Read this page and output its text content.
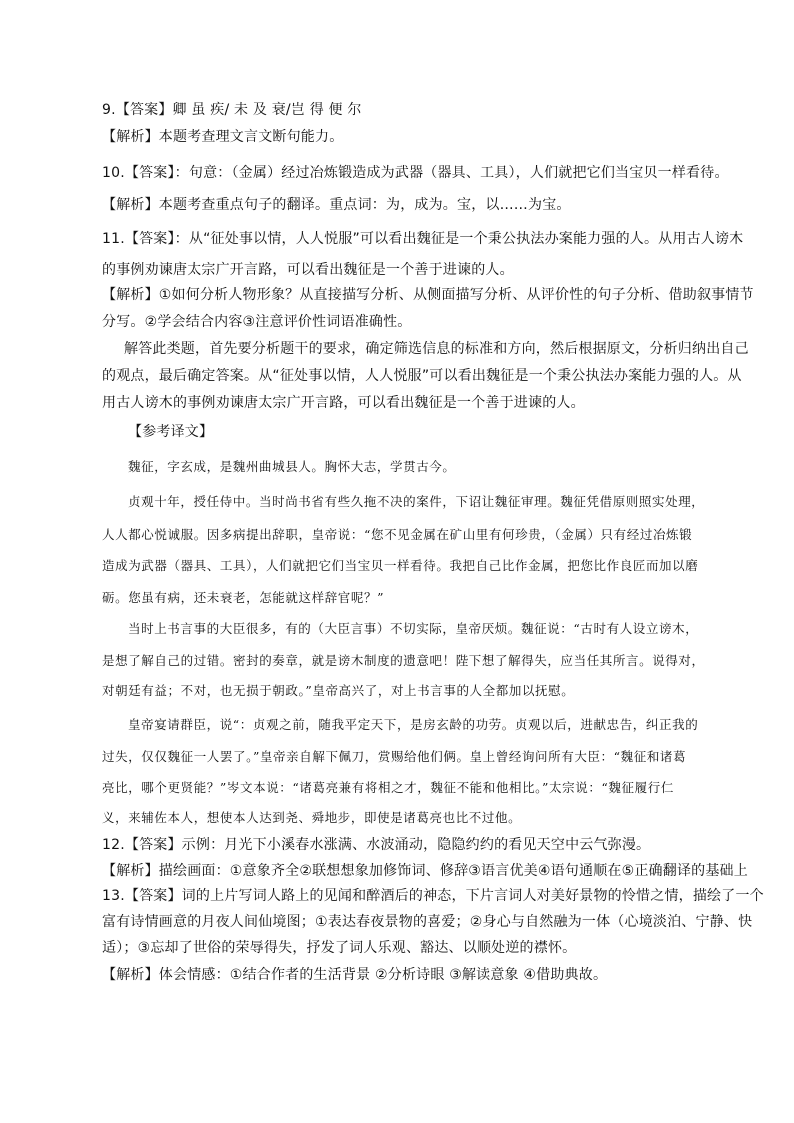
9.【答案】卿 虽 疾/ 未 及 衰/岂 得 便 尔
【解析】本题考查理文言文断句能力。
10.【答案】：句意：（金属）经过冶炼锻造成为武器（器具、工具），人们就把它们当宝贝一样看待。
【解析】本题考查重点句子的翻译。重点词：为，成为。宝，以……为宝。
11.【答案】：从“征处事以情，人人悦服”可以看出魏征是一个秉公执法办案能力强的人。从用古人谤木
的事例劝谏唐太宗广开言路，可以看出魏征是一个善于进谏的人。
【解析】①如何分析人物形象？从直接描写分析、从侧面描写分析、从评价性的句子分析、借助叙事情节
分写。②学会结合内容③注意评价性词语准确性。
解答此类题，首先要分析题干的要求，确定筛选信息的标准和方向，然后根据原文，分析归纳出自己
的观点，最后确定答案。从“征处事以情，人人悦服”可以看出魏征是一个秉公执法办案能力强的人。从
用古人谤木的事例劝谏唐太宗广开言路，可以看出魏征是一个善于进谏的人。
【参考译文】
魏征，字玄成，是魏州曲城县人。胸怀大志，学贯古今。
贞观十年，授任侍中。当时尚书省有些久拖不决的案件，下诏让魏征审理。魏征凭借原则照实处理，
人人都心悦诚服。因多病提出辞职，皇帝说：“您不见金属在矿山里有何珍贵，（金属）只有经过冶炼锻
造成为武器（器具、工具），人们就把它们当宝贝一样看待。我把自己比作金属，把您比作良匠而加以磨
砺。您虽有病，还未衰老，怎能就这样辞官呢？”
当时上书言事的大臣很多，有的（大臣言事）不切实际，皇帝厌烦。魏征说：“古时有人设立谤木，
是想了解自己的过错。密封的奏章，就是谤木制度的遗意吧！陛下想了解得失，应当任其所言。说得对，
对朝廷有益；不对，也无损于朝政。”皇帝高兴了，对上书言事的人全都加以抚慰。
皇帝宴请群臣，说“：贞观之前，随我平定天下，是房玄龄的功劳。贞观以后，进献忠告，纠正我的
过失，仅仅魏征一人罢了。”皇帝亲自解下佩刀，赏赐给他们俩。皇上曾经询问所有大臣：“魏征和诸葛
亮比，哪个更贤能？”岑文本说：“诸葛亮兼有将相之才，魏征不能和他相比。”太宗说：“魏征履行仁
义，来辅佐本人，想使本人达到尧、舜地步，即使是诸葛亮也比不过他。
12.【答案】示例：月光下小溪春水涨满、水波涌动，隐隐约约的看见天空中云气弥漫。
【解析】描绘画面：①意象齐全②联想想象加修饰词、修辞③语言优美④语句通顺在⑤正确翻译的基础上
13.【答案】词的上片写词人路上的见闻和醉酒后的神态，下片言词人对美好景物的怜惜之情，描绘了一个
富有诗情画意的月夜人间仙境图；①表达春夜景物的喜爱；②身心与自然融为一体（心境淡泊、宁静、快
适）；③忘却了世俗的荣辱得失，抒发了词人乐观、豁达、以顺处逆的襟怀。
【解析】体会情感：①结合作者的生活背景 ②分析诗眼 ③解读意象 ④借助典故。
